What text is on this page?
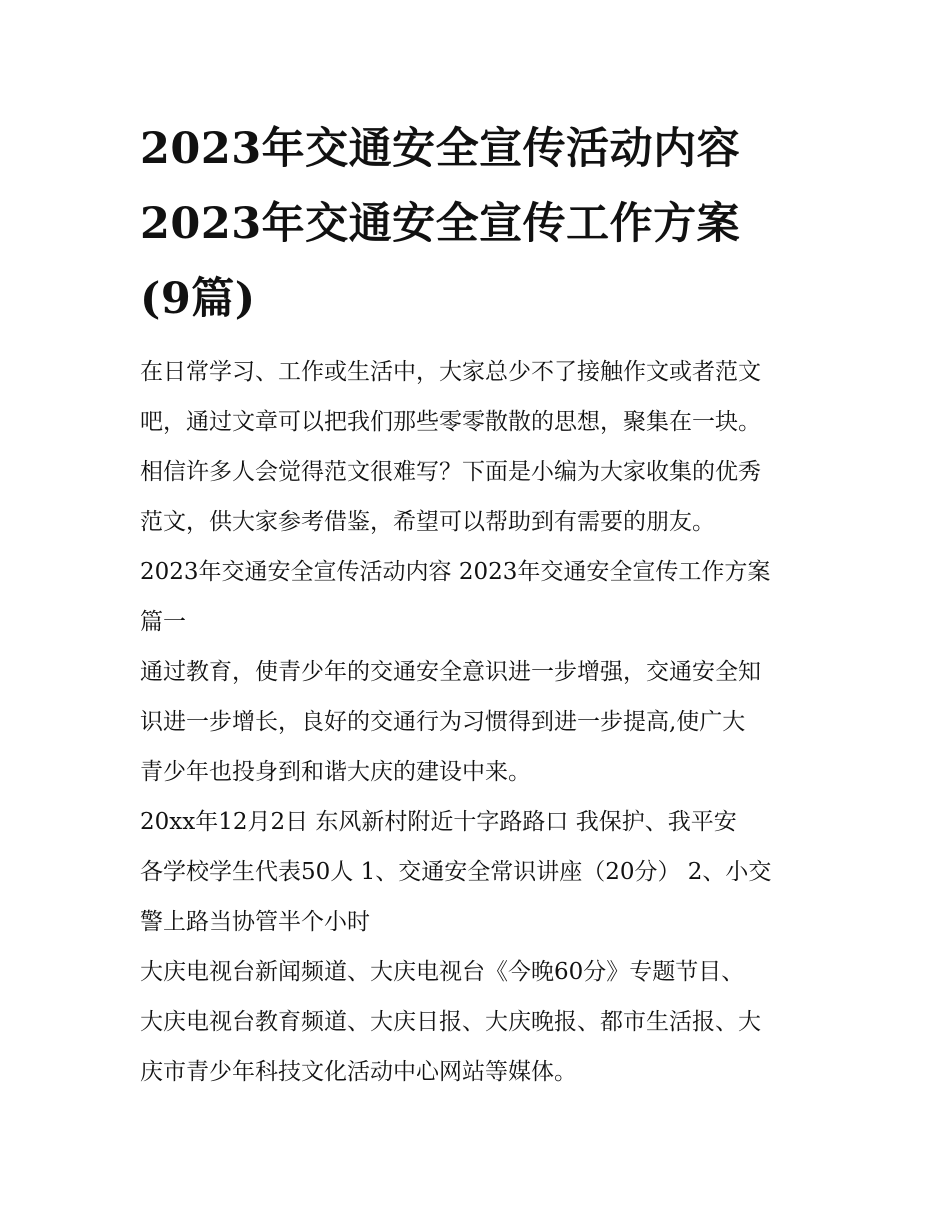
2023年交通安全宣传活动内容
2023年交通安全宣传工作方案
(9篇)

在日常学习、工作或生活中，大家总少不了接触作文或者范文
吧，通过文章可以把我们那些零零散散的思想，聚集在一块。
相信许多人会觉得范文很难写？下面是小编为大家收集的优秀
范文，供大家参考借鉴，希望可以帮助到有需要的朋友。

2023年交通安全宣传活动内容 2023年交通安全宣传工作方案
篇一

通过教育，使青少年的交通安全意识进一步增强，交通安全知
识进一步增长，良好的交通行为习惯得到进一步提高,使广大
青少年也投身到和谐大庆的建设中来。

20xx年12月2日 东风新村附近十字路路口 我保护、我平安

各学校学生代表50人 1、交通安全常识讲座（20分） 2、小交
警上路当协管半个小时

大庆电视台新闻频道、大庆电视台《今晚60分》专题节目、
大庆电视台教育频道、大庆日报、大庆晚报、都市生活报、大
庆市青少年科技文化活动中心网站等媒体。
